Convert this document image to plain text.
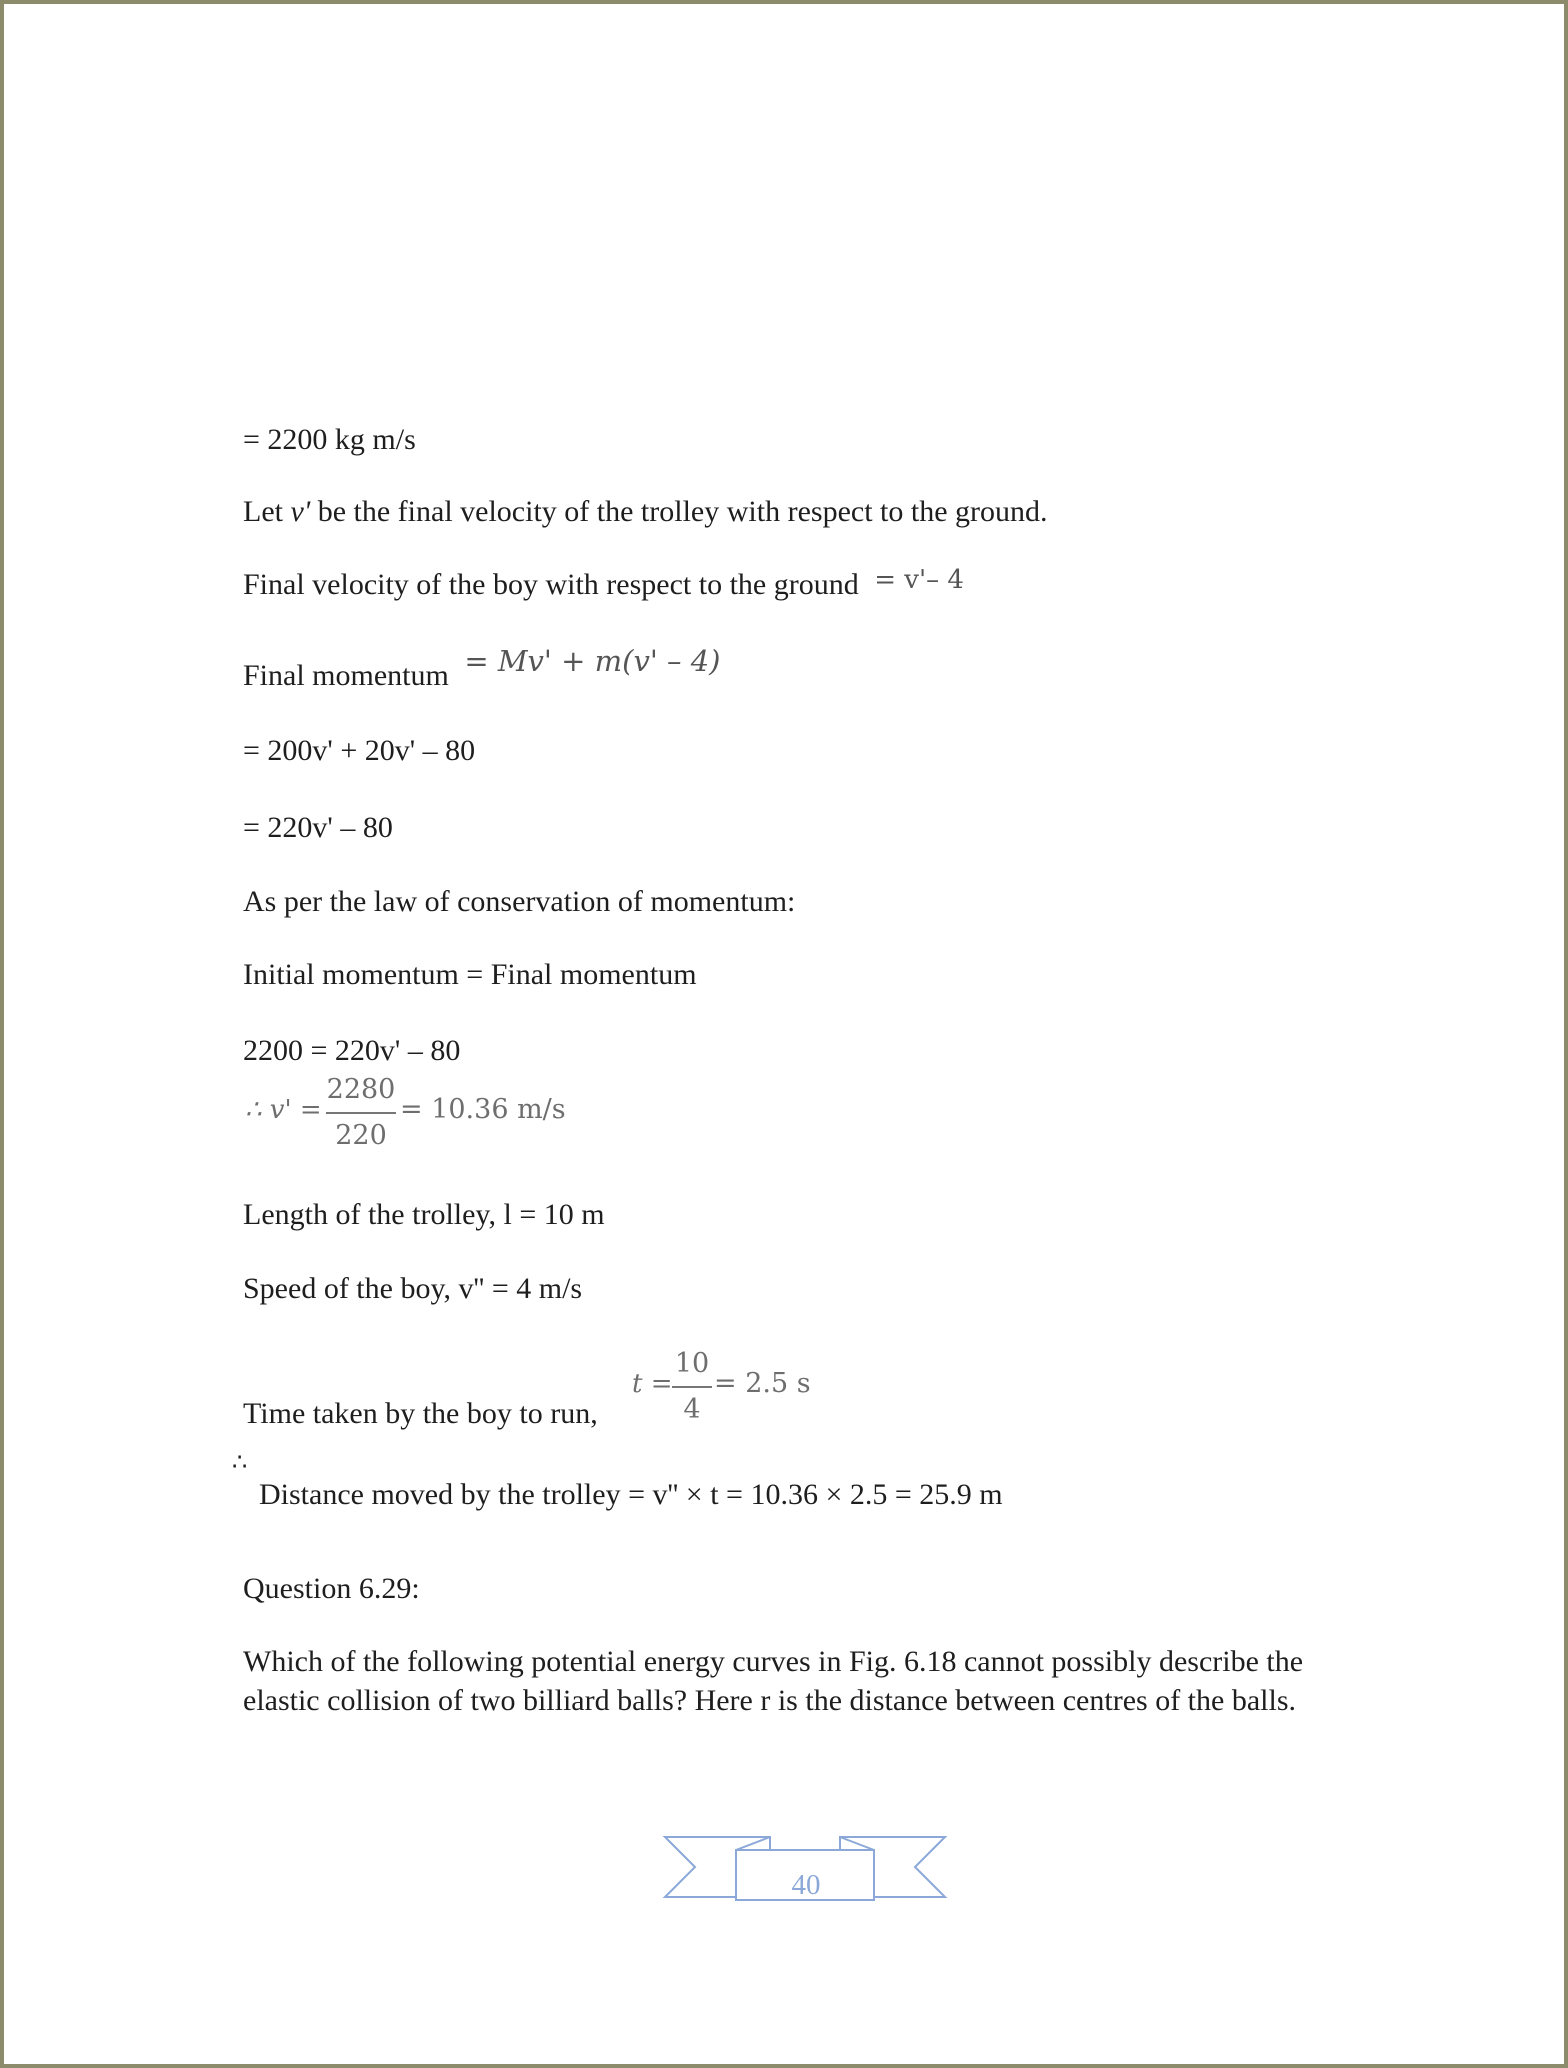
= 2200 kg m/s
Let v' be the final velocity of the trolley with respect to the ground.
Final velocity of the boy with respect to the ground = v'– 4
Final momentum = Mv' + m(v' – 4)
= 200v' + 20v' – 80
= 220v' – 80
As per the law of conservation of momentum:
Initial momentum = Final momentum
2200 = 220v' – 80
∴ v' =
2280
220
= 10.36 m/s
Length of the trolley, l = 10 m
Speed of the boy, v'' = 4 m/s
Time taken by the boy to run,
t =
10
4
= 2.5 s
∴
Distance moved by the trolley = v'' × t = 10.36 × 2.5 = 25.9 m
Question 6.29:
Which of the following potential energy curves in Fig. 6.18 cannot possibly describe the elastic collision of two billiard balls? Here r is the distance between centres of the balls.
40
